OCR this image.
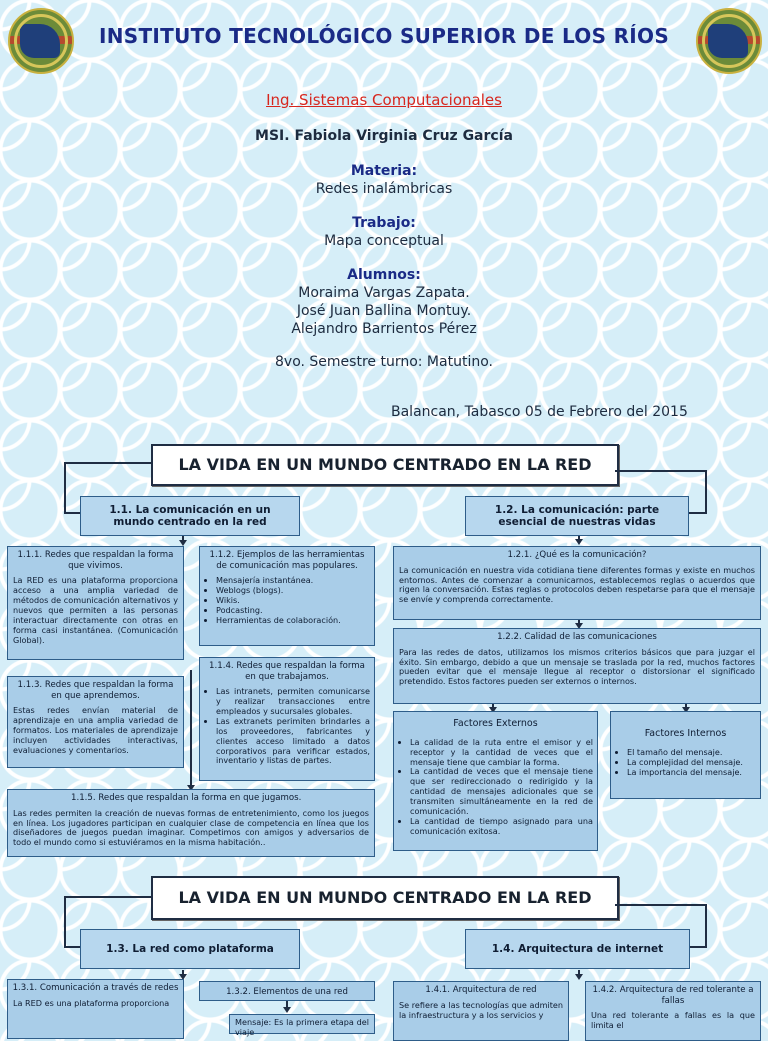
INSTITUTO TECNOLÓGICO SUPERIOR DE LOS RÍOS
Ing. Sistemas Computacionales
MSI. Fabiola Virginia Cruz García
Materia:
Redes inalámbricas
Trabajo:
Mapa conceptual
Alumnos:
Moraima Vargas Zapata.
José Juan Ballina Montuy.
Alejandro Barrientos Pérez
8vo. Semestre turno: Matutino.
Balancan, Tabasco 05 de Febrero del 2015
LA VIDA EN UN MUNDO CENTRADO EN LA RED
1.1. La comunicación en un mundo centrado en la red
1.2. La comunicación: parte esencial de nuestras vidas
1.1.1. Redes que respaldan la forma que vivimos.
La RED es una plataforma proporciona acceso a una amplia variedad de métodos de comunicación alternativos y nuevos que permiten a las personas interactuar directamente con otras en forma casi instantánea. (Comunicación Global).
1.1.2. Ejemplos de las herramientas de comunicación mas populares.
• Mensajería instantánea.
• Weblogs (blogs).
• Wikis.
• Podcasting.
• Herramientas de colaboración.
1.1.3. Redes que respaldan la forma en que aprendemos.
Estas redes envían material de aprendizaje en una amplia variedad de formatos. Los materiales de aprendizaje incluyen actividades interactivas, evaluaciones y comentarios.
1.1.4. Redes que respaldan la forma en que trabajamos.
• Las intranets, permiten comunicarse y realizar transacciones entre empleados y sucursales globales.
• Las extranets perimiten brindarles a los proveedores, fabricantes y clientes acceso limitado a datos corporativos para verificar estados, inventario y listas de partes.
1.1.5. Redes que respaldan la forma en que jugamos.
Las redes permiten la creación de nuevas formas de entretenimiento, como los juegos en línea. Los jugadores participan en cualquier clase de competencia en línea que los diseñadores de juegos puedan imaginar. Competimos con amigos y adversarios de todo el mundo como si estuviéramos en la misma habitación..
1.2.1. ¿Qué es la comunicación?
La comunicación en nuestra vida cotidiana tiene diferentes formas y existe en muchos entornos. Antes de comenzar a comunicarnos, establecemos reglas o acuerdos que rigen la conversación. Estas reglas o protocolos deben respetarse para que el mensaje se envíe y comprenda correctamente.
1.2.2. Calidad de las comunicaciones
Para las redes de datos, utilizamos los mismos criterios básicos que para juzgar el éxito. Sin embargo, debido a que un mensaje se traslada por la red, muchos factores pueden evitar que el mensaje llegue al receptor o distorsionar el significado pretendido. Estos factores pueden ser externos o internos.
Factores Externos
• La calidad de la ruta entre el emisor y el receptor y la cantidad de veces que el mensaje tiene que cambiar la forma.
• La cantidad de veces que el mensaje tiene que ser redireccionado o redirigido y la cantidad de mensajes adicionales que se transmiten simultáneamente en la red de comunicación.
• La cantidad de tiempo asignado para una comunicación exitosa.
Factores Internos
• El tamaño del mensaje.
• La complejidad del mensaje.
• La importancia del mensaje.
LA VIDA EN UN MUNDO CENTRADO EN LA RED
1.3. La red como plataforma	1.4. Arquitectura de internet
1.3.1. Comunicación a través de redes
La RED es una plataforma proporciona
1.3.2. Elementos de una red
Mensaje: Es la primera etapa del viaje
1.4.1. Arquitectura de red
Se refiere a las tecnologías que admiten la infraestructura y a los servicios y
1.4.2. Arquitectura de red tolerante a fallas
Una red tolerante a fallas es la que limita el
